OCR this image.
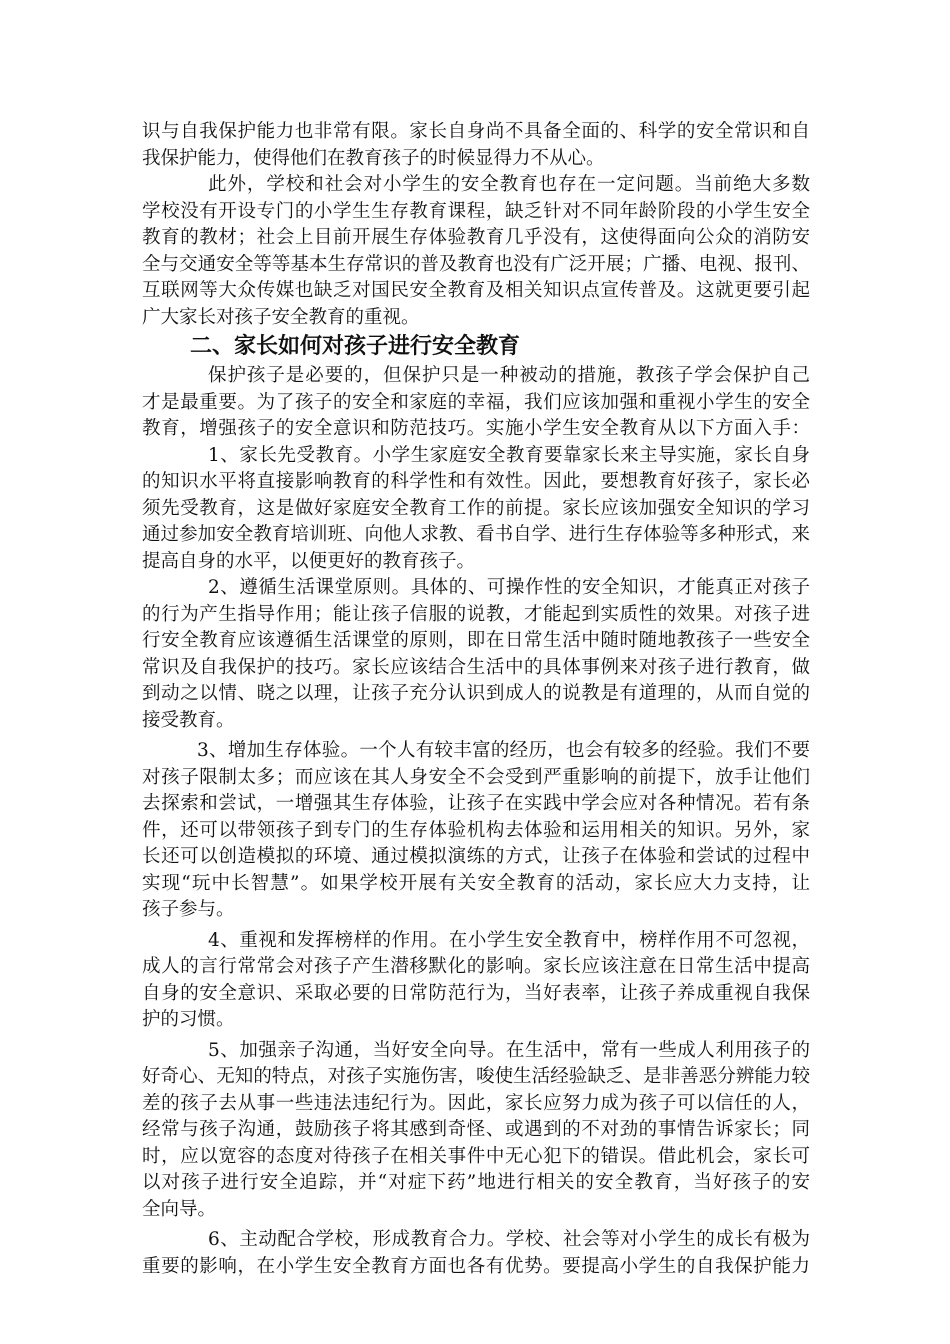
识与自我保护能力也非常有限。家长自身尚不具备全面的、科学的安全常识和自
我保护能力，使得他们在教育孩子的时候显得力不从心。
此外，学校和社会对小学生的安全教育也存在一定问题。当前绝大多数
学校没有开设专门的小学生生存教育课程，缺乏针对不同年龄阶段的小学生安全
教育的教材；社会上目前开展生存体验教育几乎没有，这使得面向公众的消防安
全与交通安全等等基本生存常识的普及教育也没有广泛开展；广播、电视、报刊、
互联网等大众传媒也缺乏对国民安全教育及相关知识点宣传普及。这就更要引起
广大家长对孩子安全教育的重视。
二、家长如何对孩子进行安全教育
保护孩子是必要的，但保护只是一种被动的措施，教孩子学会保护自己
才是最重要。为了孩子的安全和家庭的幸福，我们应该加强和重视小学生的安全
教育，增强孩子的安全意识和防范技巧。实施小学生安全教育从以下方面入手：
1、家长先受教育。小学生家庭安全教育要靠家长来主导实施，家长自身
的知识水平将直接影响教育的科学性和有效性。因此，要想教育好孩子，家长必
须先受教育，这是做好家庭安全教育工作的前提。家长应该加强安全知识的学习
通过参加安全教育培训班、向他人求教、看书自学、进行生存体验等多种形式，来
提高自身的水平，以便更好的教育孩子。
2、遵循生活课堂原则。具体的、可操作性的安全知识，才能真正对孩子
的行为产生指导作用；能让孩子信服的说教，才能起到实质性的效果。对孩子进
行安全教育应该遵循生活课堂的原则，即在日常生活中随时随地教孩子一些安全
常识及自我保护的技巧。家长应该结合生活中的具体事例来对孩子进行教育，做
到动之以情、晓之以理，让孩子充分认识到成人的说教是有道理的，从而自觉的
接受教育。
3、增加生存体验。一个人有较丰富的经历，也会有较多的经验。我们不要
对孩子限制太多；而应该在其人身安全不会受到严重影响的前提下，放手让他们
去探索和尝试，一增强其生存体验，让孩子在实践中学会应对各种情况。若有条
件，还可以带领孩子到专门的生存体验机构去体验和运用相关的知识。另外，家
长还可以创造模拟的环境、通过模拟演练的方式，让孩子在体验和尝试的过程中
实现“玩中长智慧”。如果学校开展有关安全教育的活动，家长应大力支持，让
孩子参与。
4、重视和发挥榜样的作用。在小学生安全教育中，榜样作用不可忽视，
成人的言行常常会对孩子产生潜移默化的影响。家长应该注意在日常生活中提高
自身的安全意识、采取必要的日常防范行为，当好表率，让孩子养成重视自我保
护的习惯。
5、加强亲子沟通，当好安全向导。在生活中，常有一些成人利用孩子的
好奇心、无知的特点，对孩子实施伤害，唆使生活经验缺乏、是非善恶分辨能力较
差的孩子去从事一些违法违纪行为。因此，家长应努力成为孩子可以信任的人，
经常与孩子沟通，鼓励孩子将其感到奇怪、或遇到的不对劲的事情告诉家长；同
时，应以宽容的态度对待孩子在相关事件中无心犯下的错误。借此机会，家长可
以对孩子进行安全追踪，并“对症下药”地进行相关的安全教育，当好孩子的安
全向导。
6、主动配合学校，形成教育合力。学校、社会等对小学生的成长有极为
重要的影响，在小学生安全教育方面也各有优势。要提高小学生的自我保护能力
